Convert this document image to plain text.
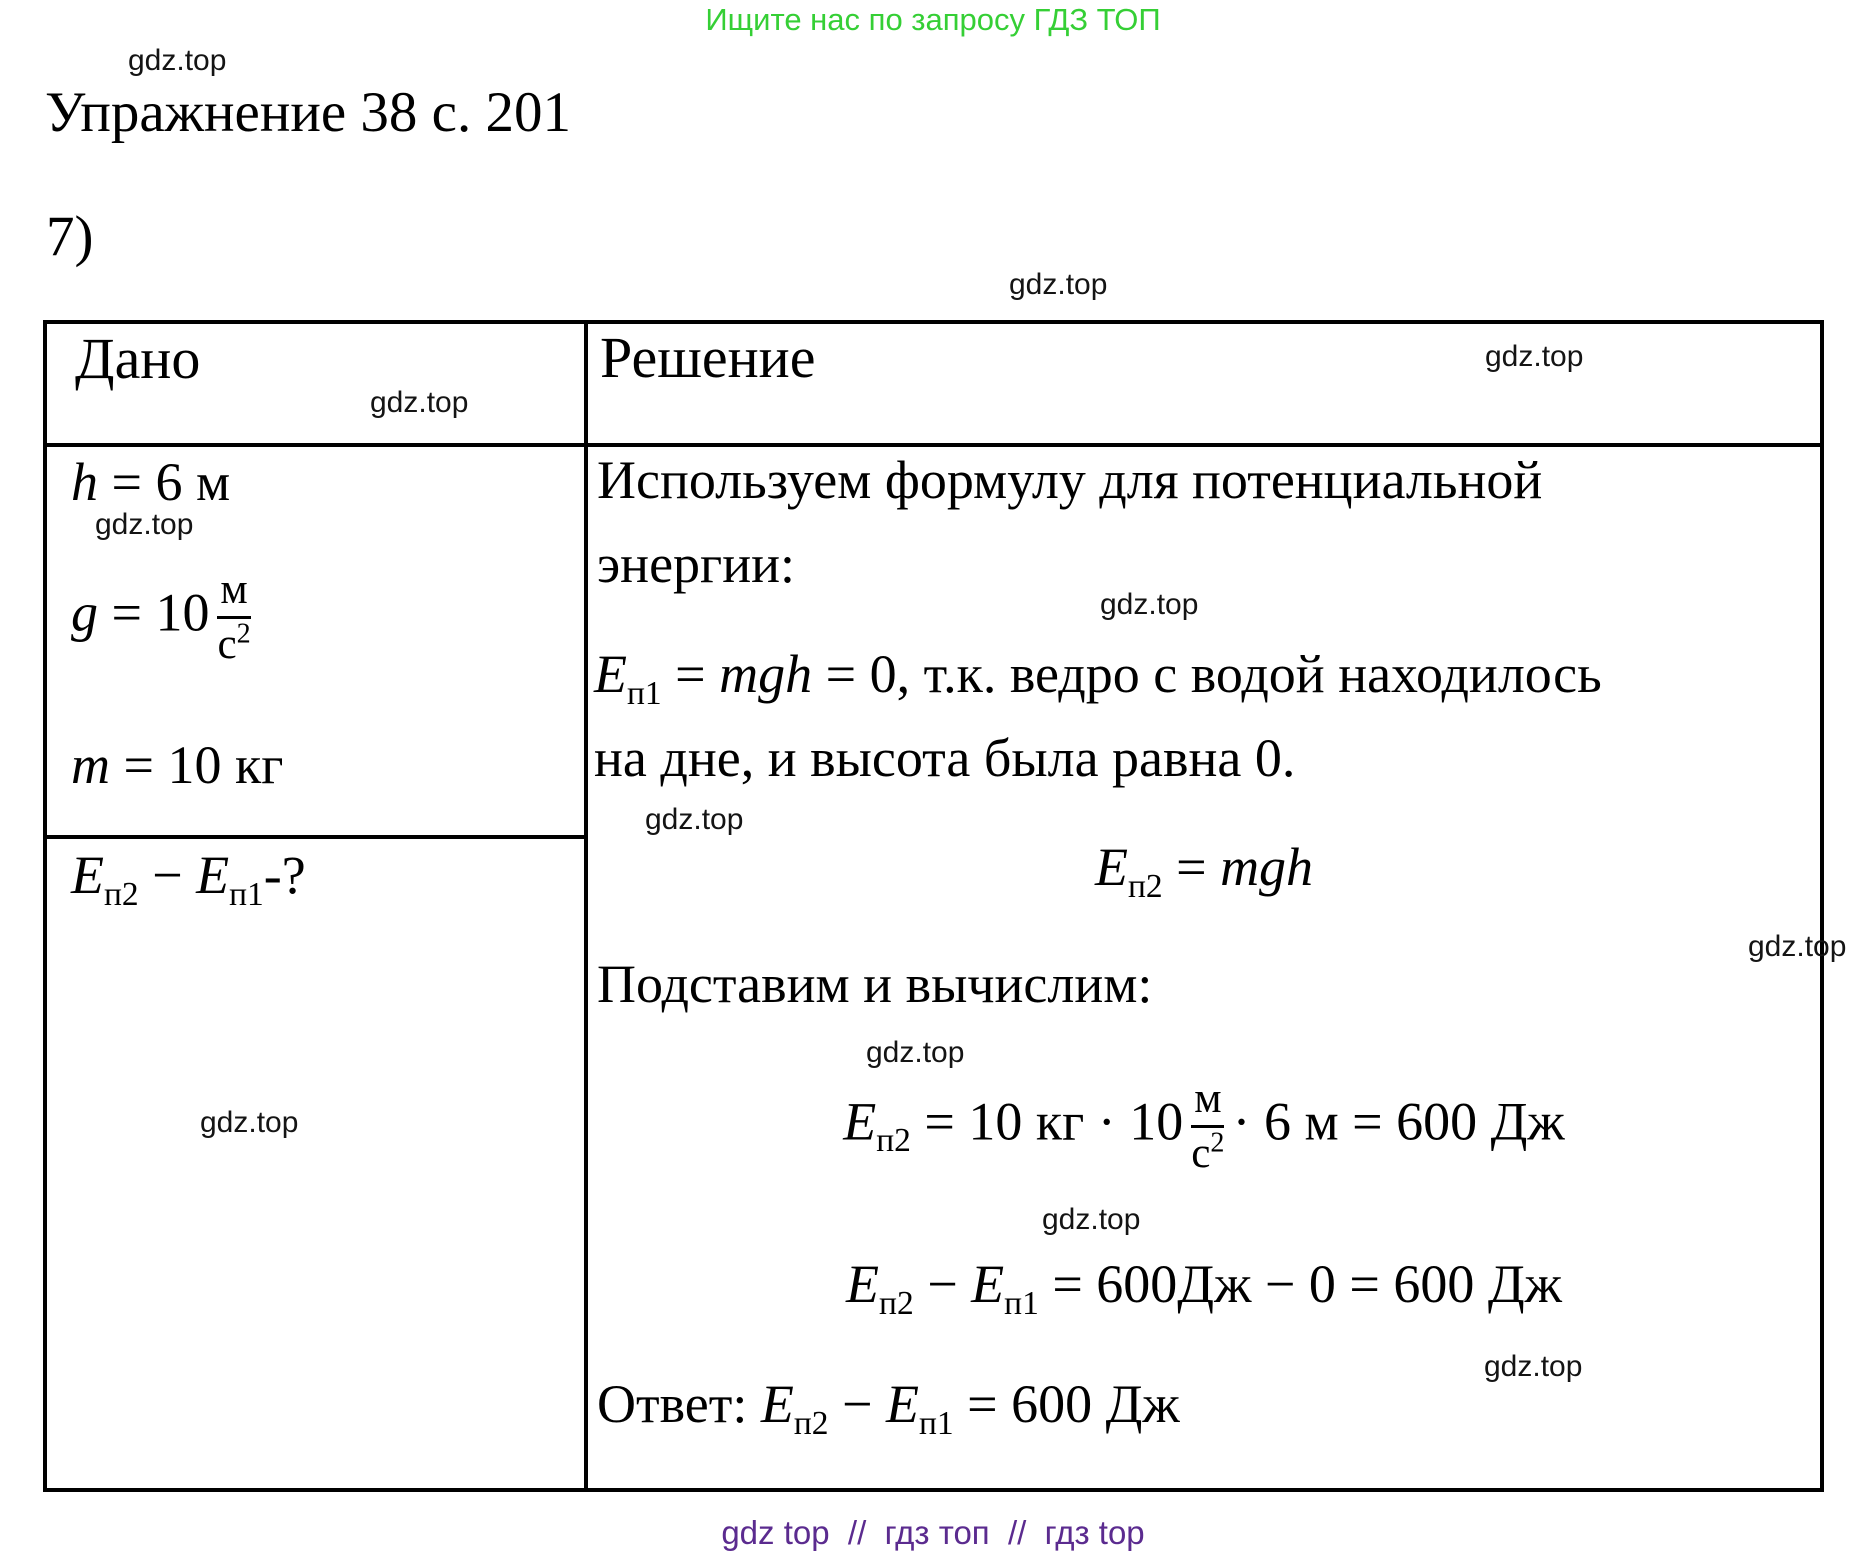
Ищите нас по запросу ГДЗ ТОП
gdz.top
gdz.top
gdz.top
gdz.top
gdz.top
gdz.top
gdz.top
gdz.top
gdz.top
gdz.top
gdz.top
gdz.top
Упражнение 38 с. 201
7)
Дано	Решение
h = 6 м
$g = 10 \frac{м}{с^2}$
m = 10 кг
$Е_{п2} - Е_{п1}-$?
Используем формулу для потенциальной
энергии:
$Е_{п1}$ = mgh = 0, т.к. ведро с водой находилось
на дне, и высота была равна 0.
$Е_{п2}$ = mgh
Подставим и вычислим:
$Е_{п2} = 10$ кг · $10 \frac{м}{с^2} \cdot 6$ м = 600 Дж
$Е_{п2} - Е_{п1} = 600Дж - 0 = 600$ Дж
Ответ: $Е_{п2} - Е_{п1} = 600$ Дж
gdz top  //  гдз топ  //  гдз top
